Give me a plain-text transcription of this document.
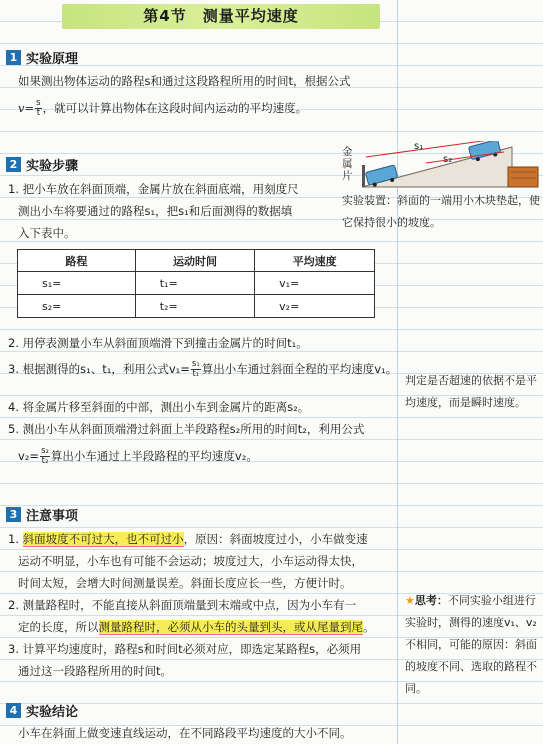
第4节　测量平均速度
1 实验原理
如果测出物体运动的路程s和通过这段路程所用的时间t，根据公式
$v= \frac{s}{t}$ ，就可以计算出物体在这段时间内运动的平均速度。
金属片
s₁
s₂
实验装置：斜面的一端用小木块垫起，使它保持很小的坡度。
2 实验步骤
1. 把小车放在斜面顶端，金属片放在斜面底端，用刻度尺
测出小车将要通过的路程s₁，把s₁和后面测得的数据填
入下表中。
路程	运动时间	平均速度
s₁=	t₁=	v₁=
s₂=	t₂=	v₂=
2. 用停表测量小车从斜面顶端滑下到撞击金属片的时间t₁。
3. 根据测得的s₁、t₁，利用公式$v_1= \frac{\text{s₁}}{\text{t₁}}$ 算出小车通过斜面全程的平均速度v₁。
4. 将金属片移至斜面的中部，测出小车到金属片的距离s₂。
5. 测出小车从斜面顶端滑过斜面上半段路程s₂所用的时间t₂，利用公式
$v_2= \frac{\text{s₂}}{\text{t₂}}$ 算出小车通过上半段路程的平均速度v₂。
判定是否超速的依据不是平均速度，而是瞬时速度。
3 注意事项
1. 斜面坡度不可过大，也不可过小，原因：斜面坡度过小，小车做变速
运动不明显，小车也有可能不会运动；坡度过大，小车运动得太快，
时间太短，会增大时间测量误差。斜面长度应长一些，方便计时。
2. 测量路程时，不能直接从斜面顶端量到末端或中点，因为小车有一
定的长度，所以测量路程时，必须从小车的头量到头，或从尾量到尾。
3. 计算平均速度时，路程s和时间t必须对应，即选定某路程s，必须用
通过这一段路程所用的时间t。
★思考：不同实验小组进行实验时，测得的速度v₁、v₂不相同，可能的原因：斜面的坡度不同、选取的路程不同。
4 实验结论
小车在斜面上做变速直线运动，在不同路段平均速度的大小不同。
